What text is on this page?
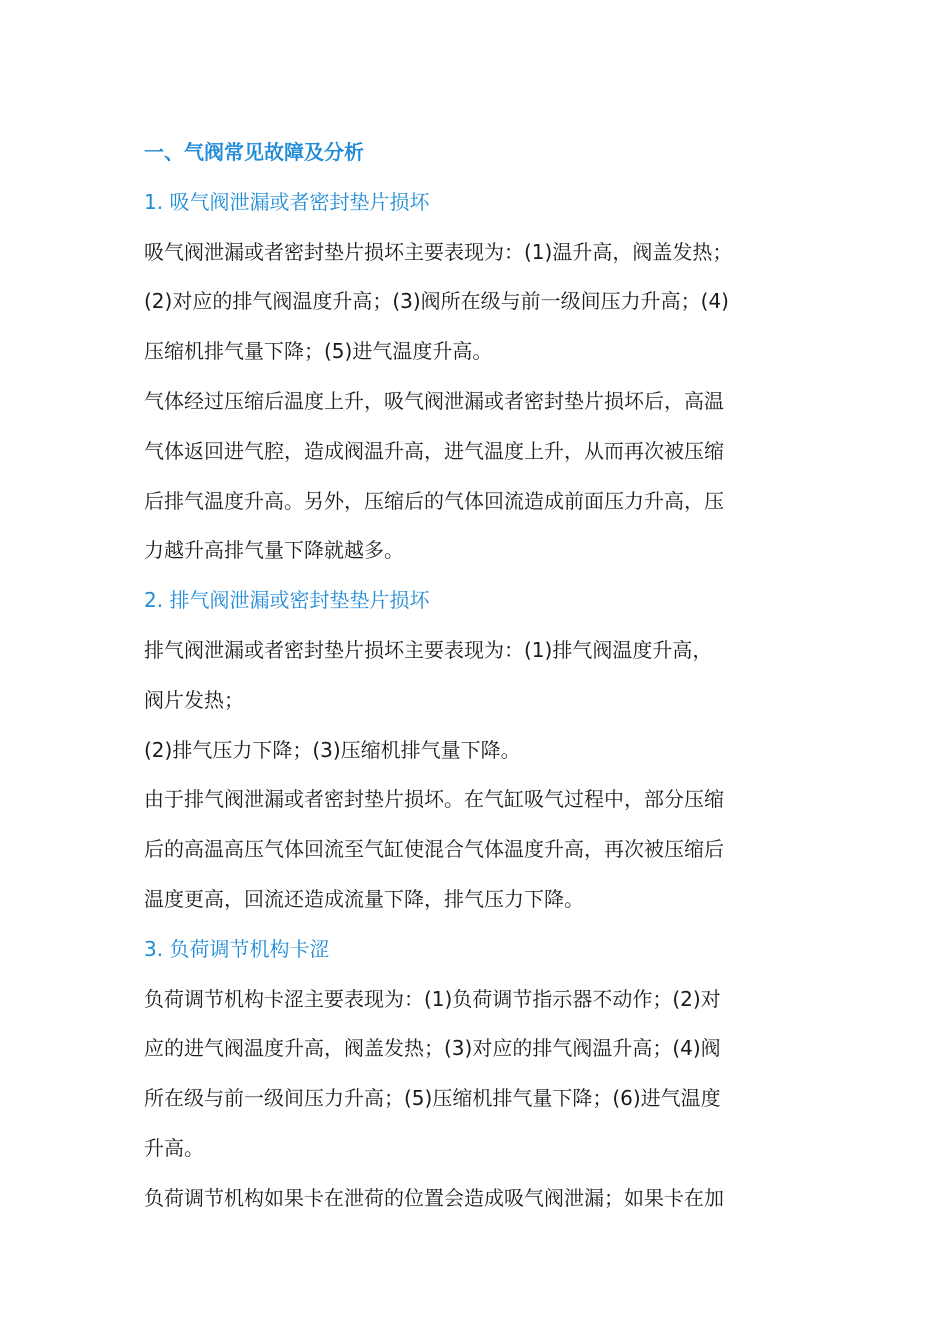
一、气阀常见故障及分析
1. 吸气阀泄漏或者密封垫片损坏
吸气阀泄漏或者密封垫片损坏主要表现为：(1)温升高，阀盖发热；
(2)对应的排气阀温度升高；(3)阀所在级与前一级间压力升高；(4)
压缩机排气量下降；(5)进气温度升高。
气体经过压缩后温度上升，吸气阀泄漏或者密封垫片损坏后，高温
气体返回进气腔，造成阀温升高，进气温度上升，从而再次被压缩
后排气温度升高。另外，压缩后的气体回流造成前面压力升高，压
力越升高排气量下降就越多。
2. 排气阀泄漏或密封垫垫片损坏
排气阀泄漏或者密封垫片损坏主要表现为：(1)排气阀温度升高，
阀片发热；
(2)排气压力下降；(3)压缩机排气量下降。
由于排气阀泄漏或者密封垫片损坏。在气缸吸气过程中，部分压缩
后的高温高压气体回流至气缸使混合气体温度升高，再次被压缩后
温度更高，回流还造成流量下降，排气压力下降。
3. 负荷调节机构卡涩
负荷调节机构卡涩主要表现为：(1)负荷调节指示器不动作；(2)对
应的进气阀温度升高，阀盖发热；(3)对应的排气阀温升高；(4)阀
所在级与前一级间压力升高；(5)压缩机排气量下降；(6)进气温度
升高。
负荷调节机构如果卡在泄荷的位置会造成吸气阀泄漏；如果卡在加
